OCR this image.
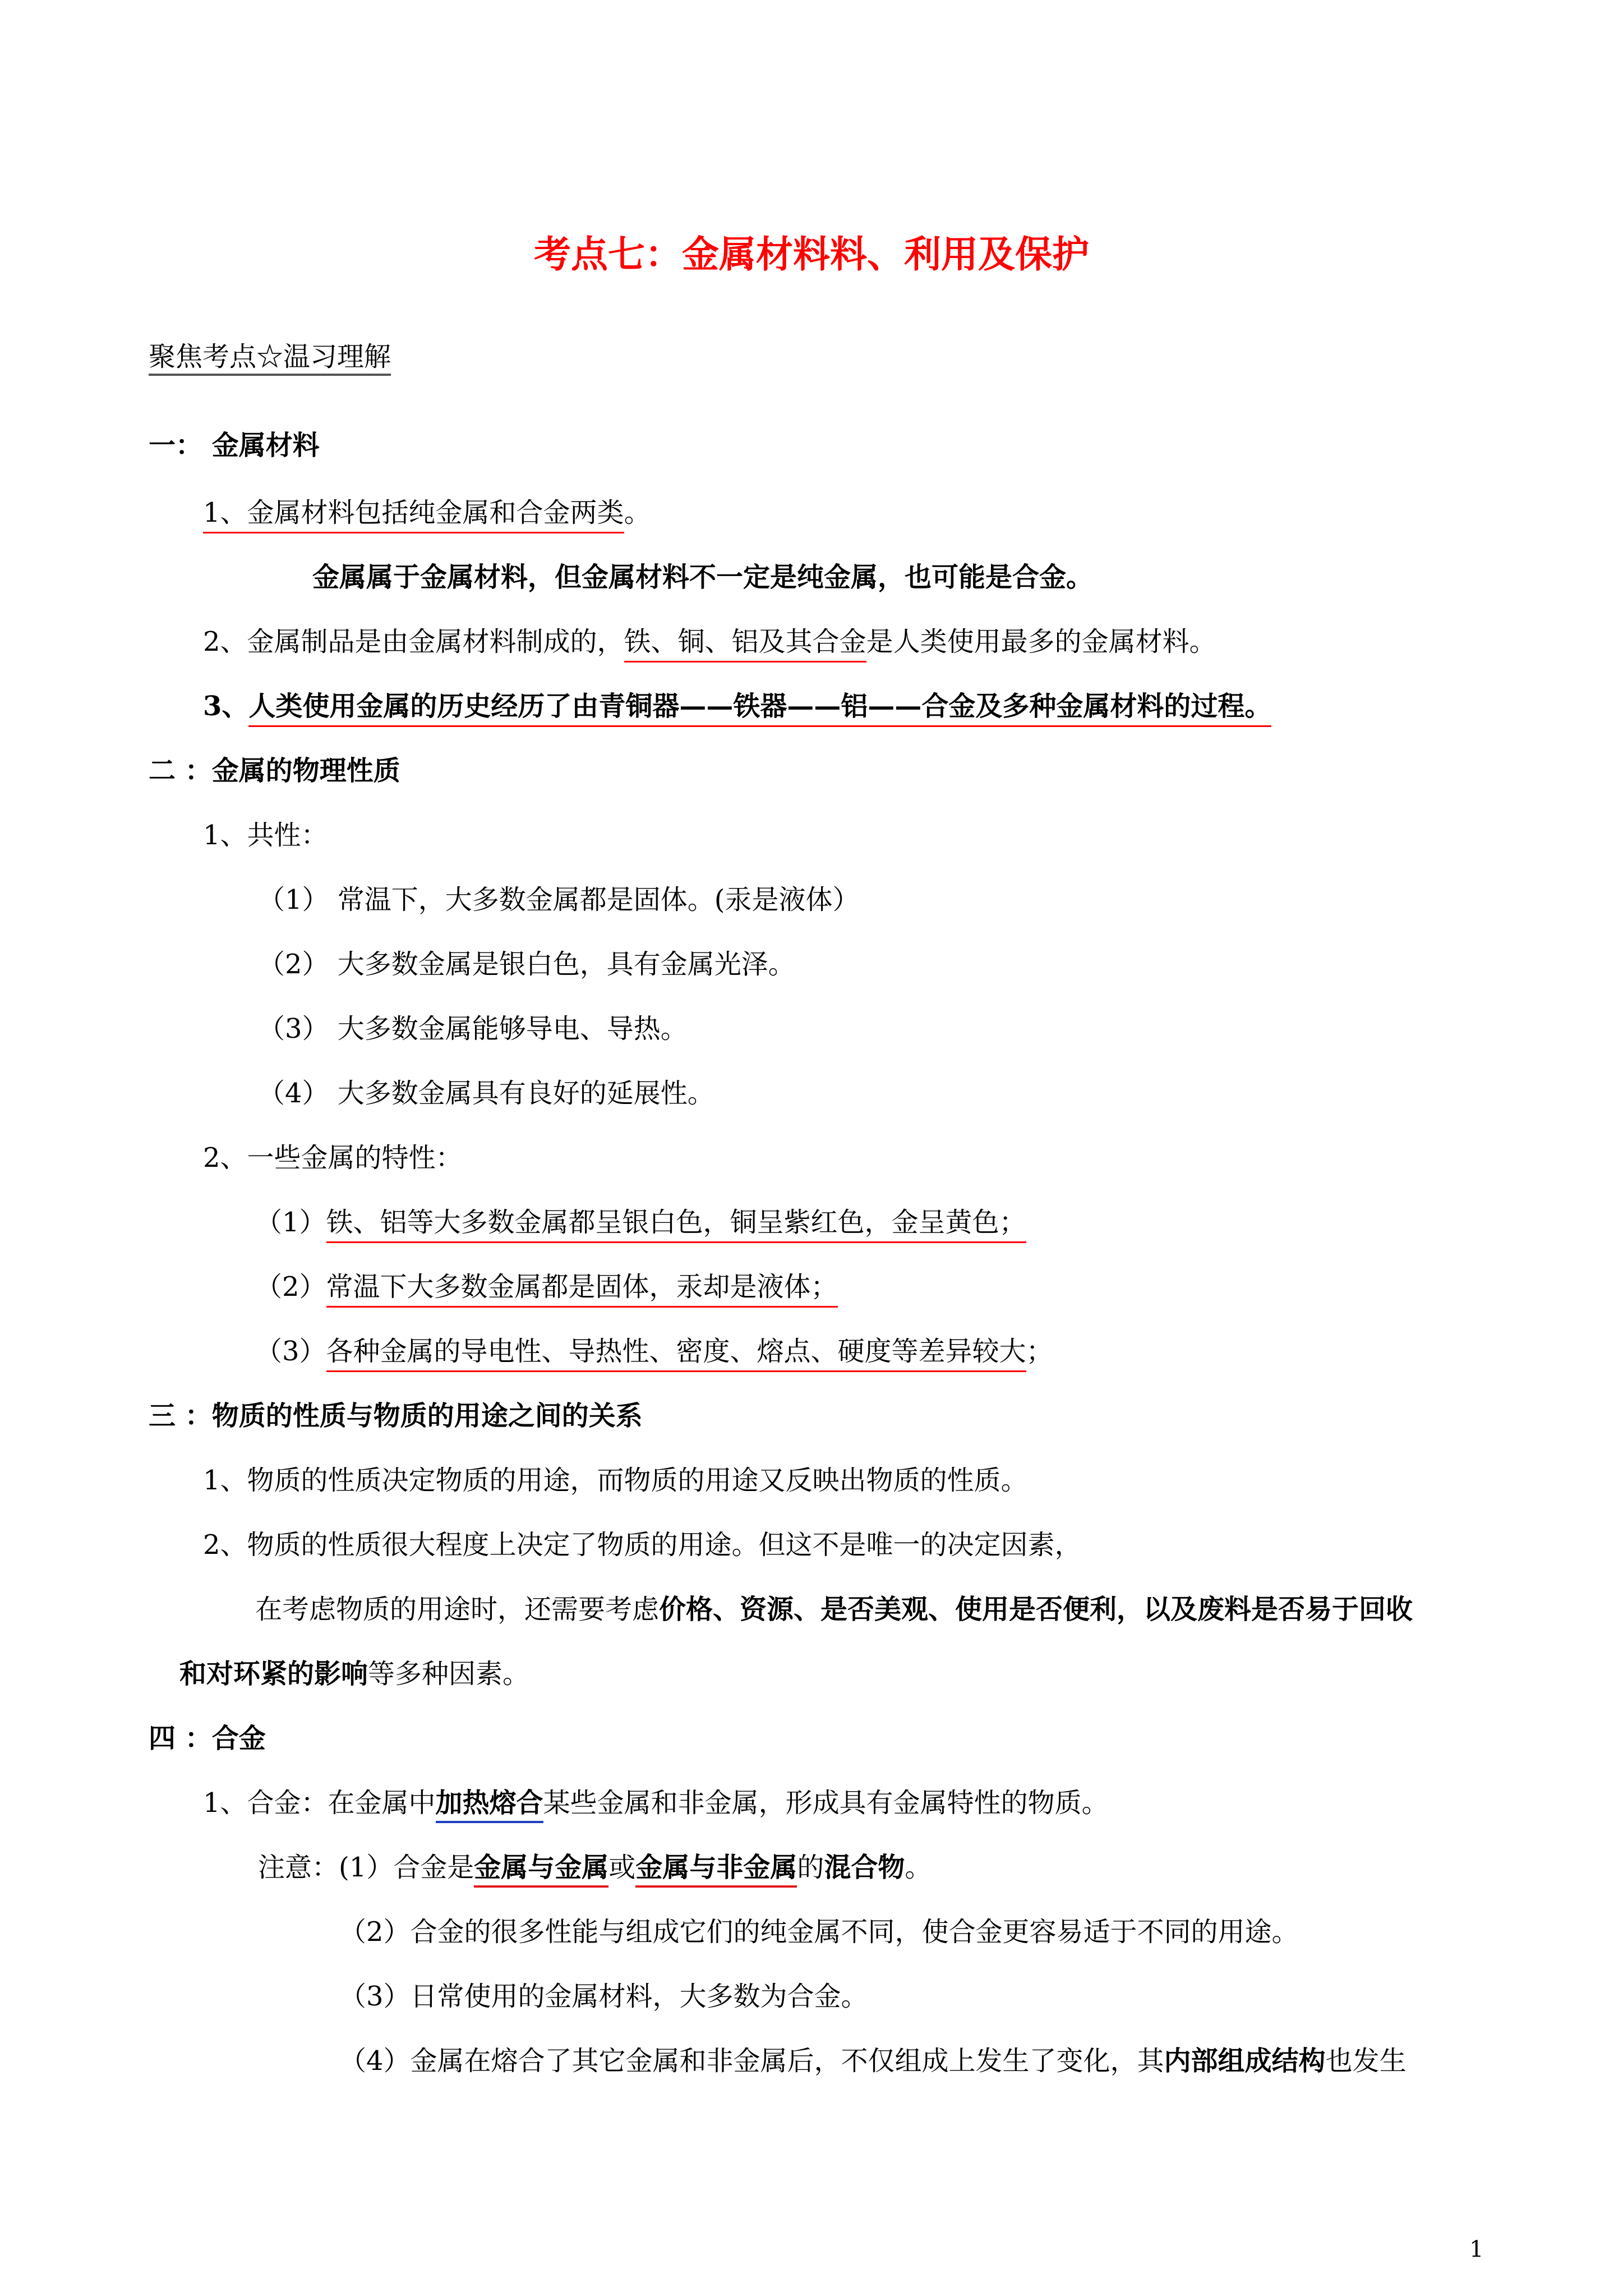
考点七：金属材料料、利用及保护
聚焦考点☆温习理解
一： 金属材料
1、金属材料包括纯金属和合金两类。
金属属于金属材料，但金属材料不一定是纯金属，也可能是合金。
2、金属制品是由金属材料制成的，铁、铜、铝及其合金是人类使用最多的金属材料。
3、人类使用金属的历史经历了由青铜器——铁器——铝——合金及多种金属材料的过程。
二 ：金属的物理性质
1、共性：
（1） 常温下，大多数金属都是固体。(汞是液体）
（2） 大多数金属是银白色，具有金属光泽。
（3） 大多数金属能够导电、导热。
（4） 大多数金属具有良好的延展性。
2、一些金属的特性：
（1）铁、铝等大多数金属都呈银白色，铜呈紫红色，金呈黄色；
（2）常温下大多数金属都是固体，汞却是液体；
（3）各种金属的导电性、导热性、密度、熔点、硬度等差异较大；
三 ：物质的性质与物质的用途之间的关系
1、物质的性质决定物质的用途，而物质的用途又反映出物质的性质。
2、物质的性质很大程度上决定了物质的用途。但这不是唯一的决定因素，
在考虑物质的用途时，还需要考虑价格、资源、是否美观、使用是否便利，以及废料是否易于回收
和对环紧的影响等多种因素。
四 ：合金
1、合金：在金属中加热熔合某些金属和非金属，形成具有金属特性的物质。
注意：(1）合金是金属与金属或金属与非金属的混合物。
（2）合金的很多性能与组成它们的纯金属不同，使合金更容易适于不同的用途。
（3）日常使用的金属材料，大多数为合金。
（4）金属在熔合了其它金属和非金属后，不仅组成上发生了变化，其内部组成结构也发生
1
